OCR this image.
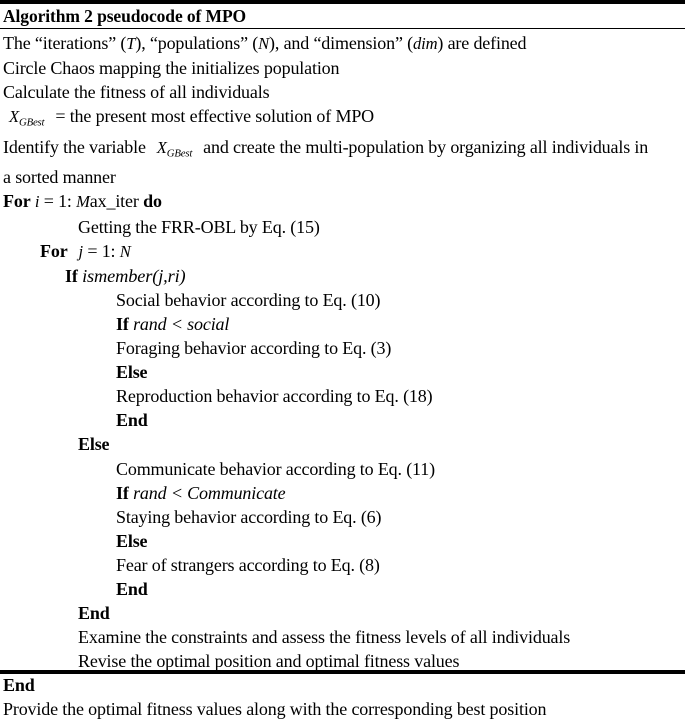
Algorithm 2 pseudocode of MPO
The “iterations” (T), “populations” (N), and “dimension” (dim) are defined
Circle Chaos mapping the initializes population
Calculate the fitness of all individuals
$X_{GBest}$ = the present most effective solution of MPO
Identify the variable $X_{GBest}$ and create the multi-population by organizing all individuals in
a sorted manner
For i = 1: Max_iter do
Getting the FRR-OBL by Eq. (15)
For j = 1: N
If ismember(j,ri)
Social behavior according to Eq. (10)
If rand < social
Foraging behavior according to Eq. (3)
Else
Reproduction behavior according to Eq. (18)
End
Else
Communicate behavior according to Eq. (11)
If rand < Communicate
Staying behavior according to Eq. (6)
Else
Fear of strangers according to Eq. (8)
End
End
Examine the constraints and assess the fitness levels of all individuals
Revise the optimal position and optimal fitness values
End
Provide the optimal fitness values along with the corresponding best position
